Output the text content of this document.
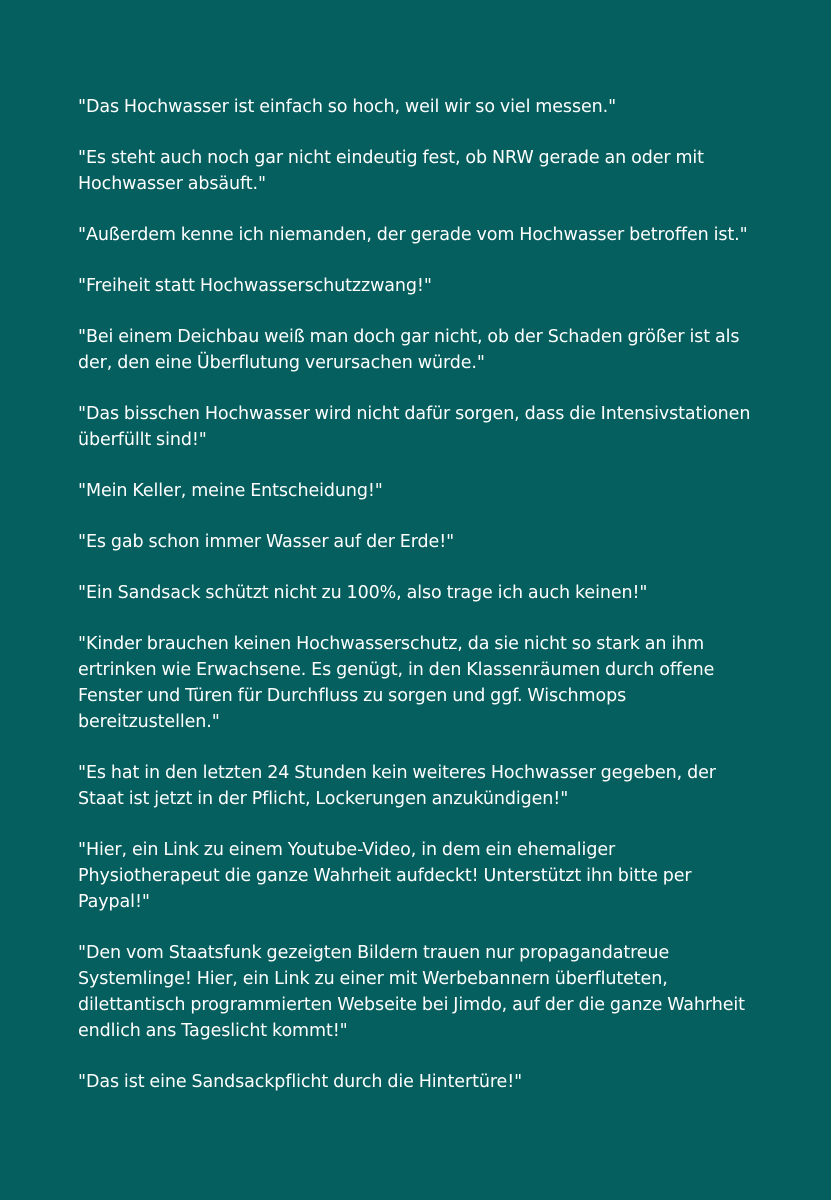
"Das Hochwasser ist einfach so hoch, weil wir so viel messen."

"Es steht auch noch gar nicht eindeutig fest, ob NRW gerade an oder mit Hochwasser absäuft."

"Außerdem kenne ich niemanden, der gerade vom Hochwasser betroffen ist."

"Freiheit statt Hochwasserschutzzwang!"

"Bei einem Deichbau weiß man doch gar nicht, ob der Schaden größer ist als der, den eine Überflutung verursachen würde."

"Das bisschen Hochwasser wird nicht dafür sorgen, dass die Intensivstationen überfüllt sind!"

"Mein Keller, meine Entscheidung!"

"Es gab schon immer Wasser auf der Erde!"

"Ein Sandsack schützt nicht zu 100%, also trage ich auch keinen!"

"Kinder brauchen keinen Hochwasserschutz, da sie nicht so stark an ihm ertrinken wie Erwachsene. Es genügt, in den Klassenräumen durch offene Fenster und Türen für Durchfluss zu sorgen und ggf. Wischmops bereitzustellen."

"Es hat in den letzten 24 Stunden kein weiteres Hochwasser gegeben, der Staat ist jetzt in der Pflicht, Lockerungen anzukündigen!"

"Hier, ein Link zu einem Youtube-Video, in dem ein ehemaliger Physiotherapeut die ganze Wahrheit aufdeckt! Unterstützt ihn bitte per Paypal!"

"Den vom Staatsfunk gezeigten Bildern trauen nur propagandatreue Systemlinge! Hier, ein Link zu einer mit Werbebannern überfluteten, dilettantisch programmierten Webseite bei Jimdo, auf der die ganze Wahrheit endlich ans Tageslicht kommt!"

"Das ist eine Sandsackpflicht durch die Hintertüre!"
